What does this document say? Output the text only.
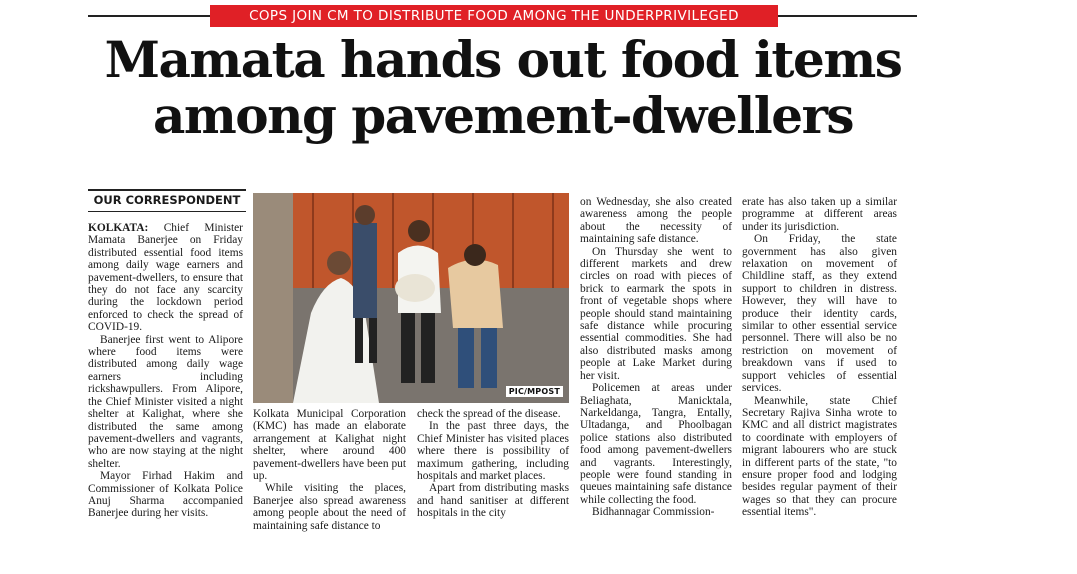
COPS JOIN CM TO DISTRIBUTE FOOD AMONG THE UNDERPRIVILEGED
Mamata hands out food items
among pavement-dwellers
OUR CORRESPONDENT

KOLKATA: Chief Minister Mamata Banerjee on Friday distributed essential food items among daily wage earners and pavement-dwellers, to ensure that they do not face any scarcity during the lockdown period enforced to check the spread of COVID-19.

Banerjee first went to Alipore where food items were distributed among daily wage earners including rickshawpullers. From Alipore, the Chief Minister visited a night shelter at Kalighat, where she distributed the same among pavement-dwellers and vagrants, who are now staying at the night shelter.

Mayor Firhad Hakim and Commissioner of Kolkata Police Anuj Sharma accompanied Banerjee during her visits.

PIC/MPOST

Kolkata Municipal Corporation (KMC) has made an elaborate arrangement at Kalighat night shelter, where around 400 pavement-dwellers have been put up.

While visiting the places, Banerjee also spread awareness among people about the need of maintaining safe distance to

check the spread of the disease.

In the past three days, the Chief Minister has visited places where there is possibility of maximum gathering, including hospitals and market places.

Apart from distributing masks and hand sanitiser at different hospitals in the city

on Wednesday, she also created awareness among the people about the necessity of maintaining safe distance.

On Thursday she went to different markets and drew circles on road with pieces of brick to earmark the spots in front of vegetable shops where people should stand maintaining safe distance while procuring essential commodities. She had also distributed masks among people at Lake Market during her visit.

Policemen at areas under Beliaghata, Manicktala, Narkeldanga, Tangra, Entally, Ultadanga, and Phoolbagan police stations also distributed food among pavement-dwellers and vagrants. Interestingly, people were found standing in queues maintaining safe distance while collecting the food.

Bidhannagar Commission-

erate has also taken up a similar programme at different areas under its jurisdiction.

On Friday, the state government has also given relaxation on movement of Childline staff, as they extend support to children in distress. However, they will have to produce their identity cards, similar to other essential service personnel. There will also be no restriction on movement of breakdown vans if used to support vehicles of essential services.

Meanwhile, state Chief Secretary Rajiva Sinha wrote to KMC and all district magistrates to coordinate with employers of migrant labourers who are stuck in different parts of the state, "to ensure proper food and lodging besides regular payment of their wages so that they can procure essential items".
